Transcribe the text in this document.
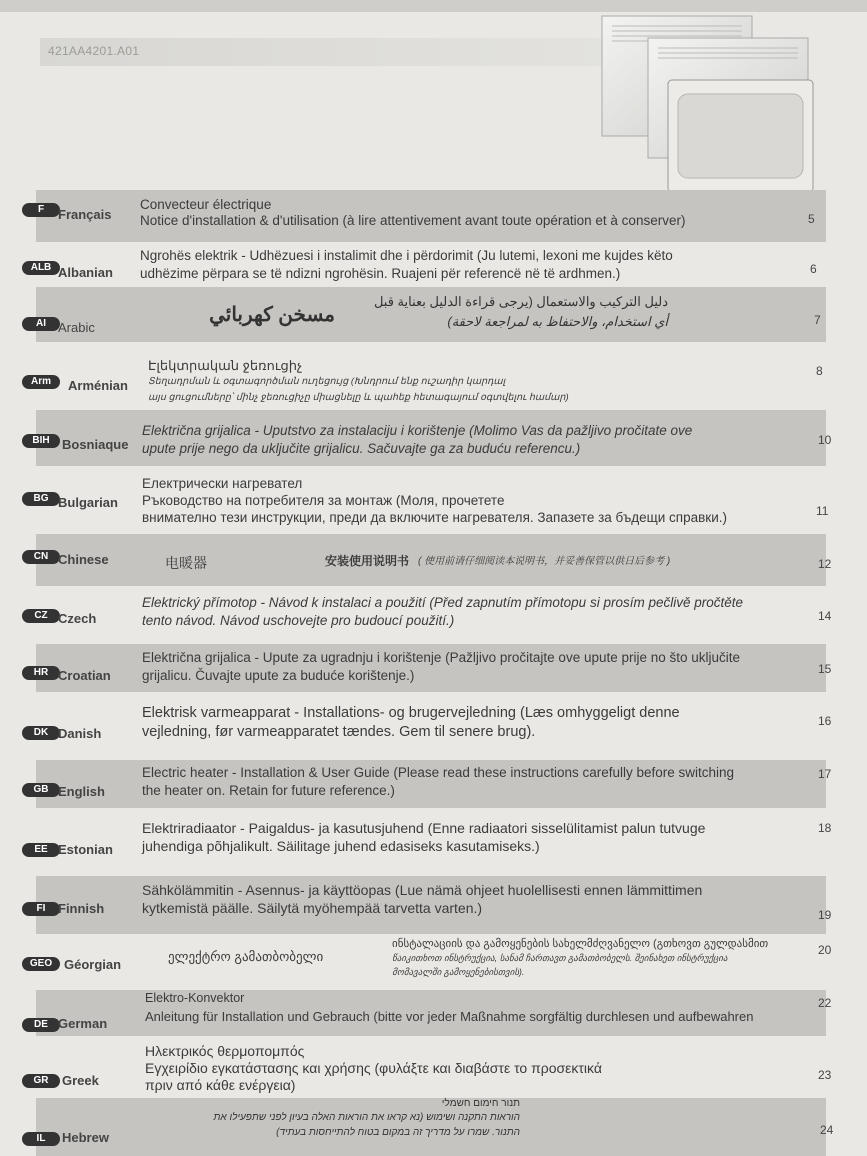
421AA4201.A01
F	Français
Convecteur électrique
Notice d'installation & d'utilisation (à lire attentivement avant toute opération et à conserver)	5
ALB Albanian
Ngrohës elektrik - Udhëzuesi i instalimit dhe i përdorimit (Ju lutemi, lexoni me kujdes këto
udhëzime përpara se të ndizni ngrohësin. Ruajeni për referencë në të ardhmen.)	6
AI Arabic
مسخن كهربائي
دليل التركيب والاستعمال (يرجى قراءة الدليل بعناية قبل
أي استخدام، والاحتفاظ به لمراجعة لاحقة)	7
Arm	Arménian
Էլեկտրական ջեռուցիչ
Տեղադրման և օգտագործման ուղեցույց (Խնդրում ենք ուշադիր կարդալ
այս ցուցումները՝ մինչ ջեռուցիչը միացնելը և պահեք հետագայում օգտվելու համար)
8
BIH Bosniaque
Električna grijalica - Uputstvo za instalaciju i korištenje (Molimo Vas da pažljivo pročitate ove
upute prije nego da uključite grijalicu. Sačuvajte ga za buduću referencu.)
10
BG Bulgarian
Електрически нагревател
Ръководство на потребителя за монтаж (Моля, прочетете
внимателно тези инструкции, преди да включите нагревателя. Запазете за бъдещи справки.)	11
CN Chinese	电暖器	安装使用说明书 ( 使用前请仔细阅读本说明书，并妥善保管以供日后参考 )	12
CZ Czech
Elektrický přímotop - Návod k instalaci a použití (Před zapnutím přímotopu si prosím pečlivě pročtěte
tento návod. Návod uschovejte pro budoucí použití.)	14
HR Croatian
Električna grijalica - Upute za ugradnju i korištenje (Pažljivo pročitajte ove upute prije no što uključite
grijalicu. Čuvajte upute za buduće korištenje.)	15
DK Danish
Elektrisk varmeapparat - Installations- og brugervejledning (Læs omhyggeligt denne
vejledning, før varmeapparatet tændes. Gem til senere brug).
16
GB English
Electric heater - Installation & User Guide (Please read these instructions carefully before switching
the heater on. Retain for future reference.)
17
EE Estonian
Elektriradiaator - Paigaldus- ja kasutusjuhend (Enne radiaatori sisselülitamist palun tutvuge
juhendiga põhjalikult. Säilitage juhend edasiseks kasutamiseks.)
18
FI Finnish
Sähkölämmitin - Asennus- ja käyttöopas (Lue nämä ohjeet huolellisesti ennen lämmittimen
kytkemistä päälle. Säilytä myöhempää tarvetta varten.)	19
GEO Géorgian
ელექტრო გამათბობელი
ინსტალაციის და გამოყენების სახელმძღვანელო (გთხოვთ გულდასმით
წაიკითხოთ ინსტრუქცია, სანამ ჩართავთ გამათბობელს. შეინახეთ ინსტრუქცია
მომავალში გამოყენებისთვის).
20
DE German
Elektro-Konvektor
Anleitung für Installation und Gebrauch (bitte vor jeder Maßnahme sorgfältig durchlesen und aufbewahren
22
GR	Greek
Ηλεκτρικός θερμοπομπός
Εγχειρίδιο εγκατάστασης και χρήσης (φυλάξτε και διαβάστε το προσεκτικά
πριν από κάθε ενέργεια)
23
IL	Hebrew
תנור חימום חשמלי
הוראות התקנה ושימוש (נא קראו את הוראות האלה בעיון לפני שתפעילו את
התנור. שמרו על מדריך זה במקום בטוח להתייחסות בעתיד)	24
